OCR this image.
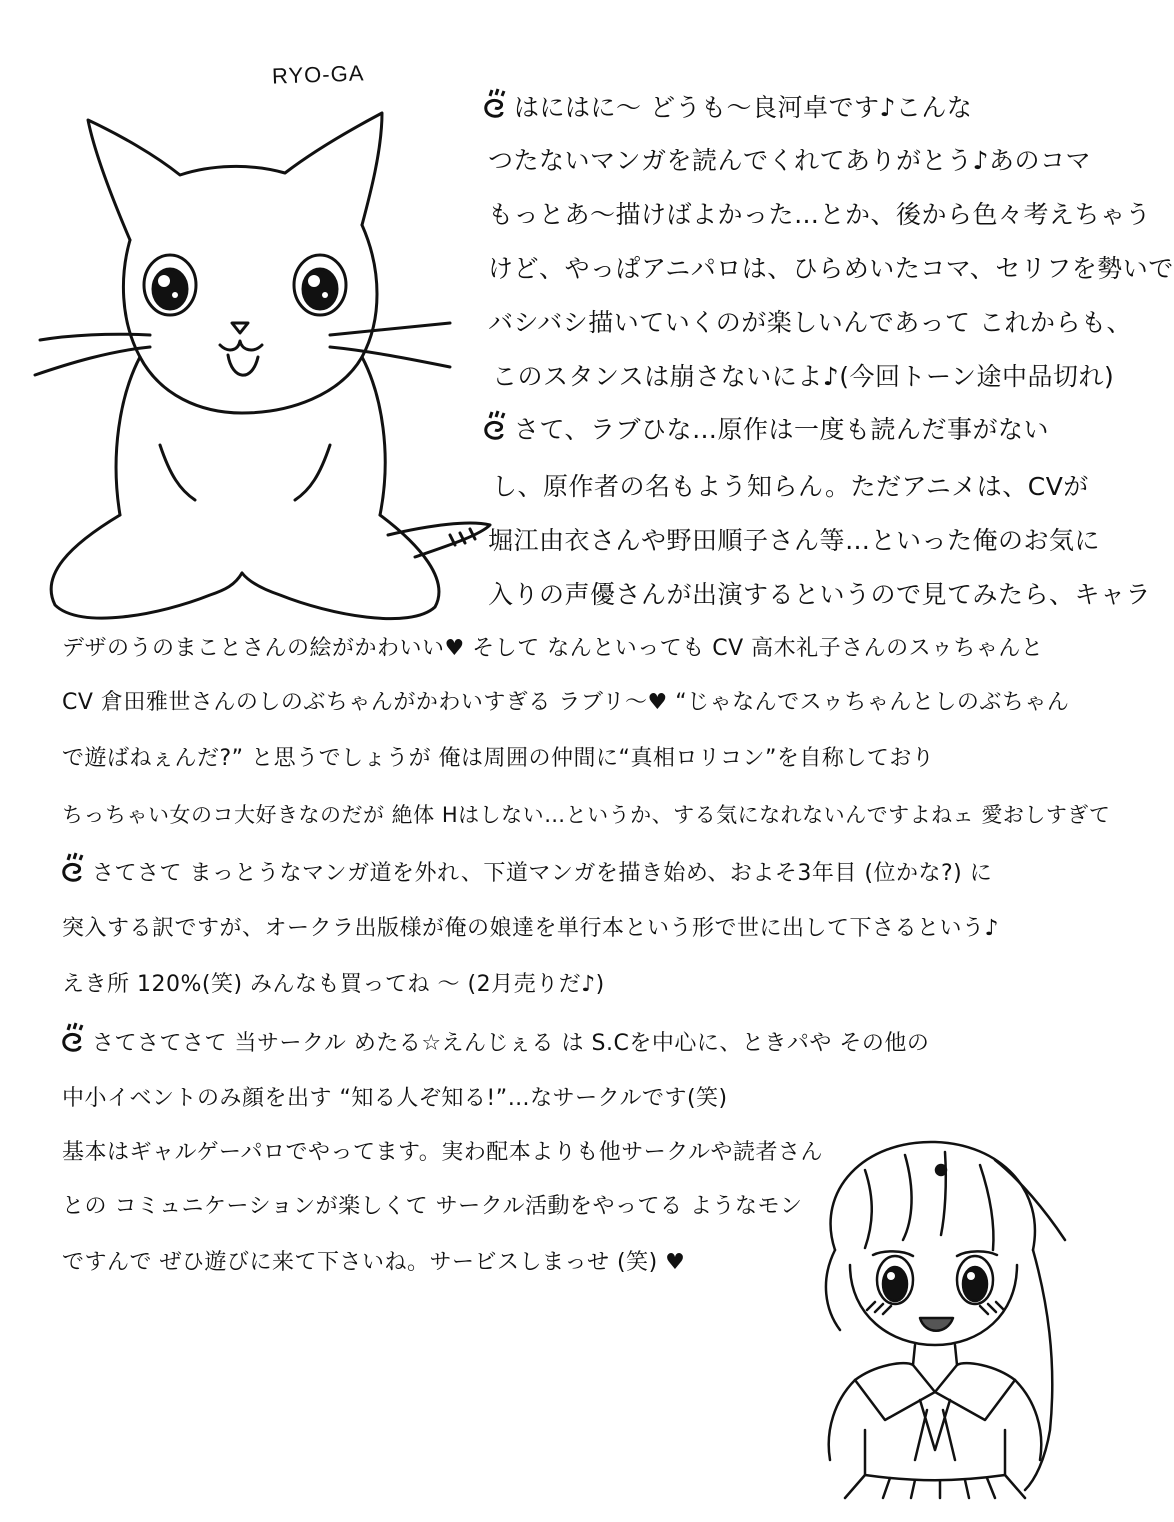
RYO-GA
はにはに〜 どうも〜良河卓です♪こんな
つたないマンガを読んでくれてありがとう♪あのコマ
もっとあ〜描けばよかった…とか、後から色々考えちゃう
けど、やっぱアニパロは、ひらめいたコマ、セリフを勢いで
バシバシ描いていくのが楽しいんであって これからも、
このスタンスは崩さないによ♪(今回トーン途中品切れ)
さて、ラブひな…原作は一度も読んだ事がない
し、原作者の名もよう知らん。ただアニメは、CVが
堀江由衣さんや野田順子さん等…といった俺のお気に
入りの声優さんが出演するというので見てみたら、キャラ
デザのうのまことさんの絵がかわいい♥ そして なんといっても CV 高木礼子さんのスゥちゃんと
CV 倉田雅世さんのしのぶちゃんがかわいすぎる ラブリ〜♥ “じゃなんでスゥちゃんとしのぶちゃん
で遊ばねぇんだ?” と思うでしょうが 俺は周囲の仲間に“真相ロリコン”を自称しており
ちっちゃい女のコ大好きなのだが 絶体 Hはしない…というか、する気になれないんですよねェ 愛おしすぎて
さてさて まっとうなマンガ道を外れ、下道マンガを描き始め、およそ3年目 (位かな?) に
突入する訳ですが、オークラ出版様が俺の娘達を単行本という形で世に出して下さるという♪
えき所 120%(笑) みんなも買ってね 〜 (2月売りだ♪)
さてさてさて 当サークル めたる☆えんじぇる は S.Cを中心に、ときパや その他の
中小イベントのみ顔を出す “知る人ぞ知る!”…なサークルです(笑)
基本はギャルゲーパロでやってます。実わ配本よりも他サークルや読者さん
との コミュニケーションが楽しくて サークル活動をやってる ようなモン
ですんで ぜひ遊びに来て下さいね。サービスしまっせ (笑) ♥
